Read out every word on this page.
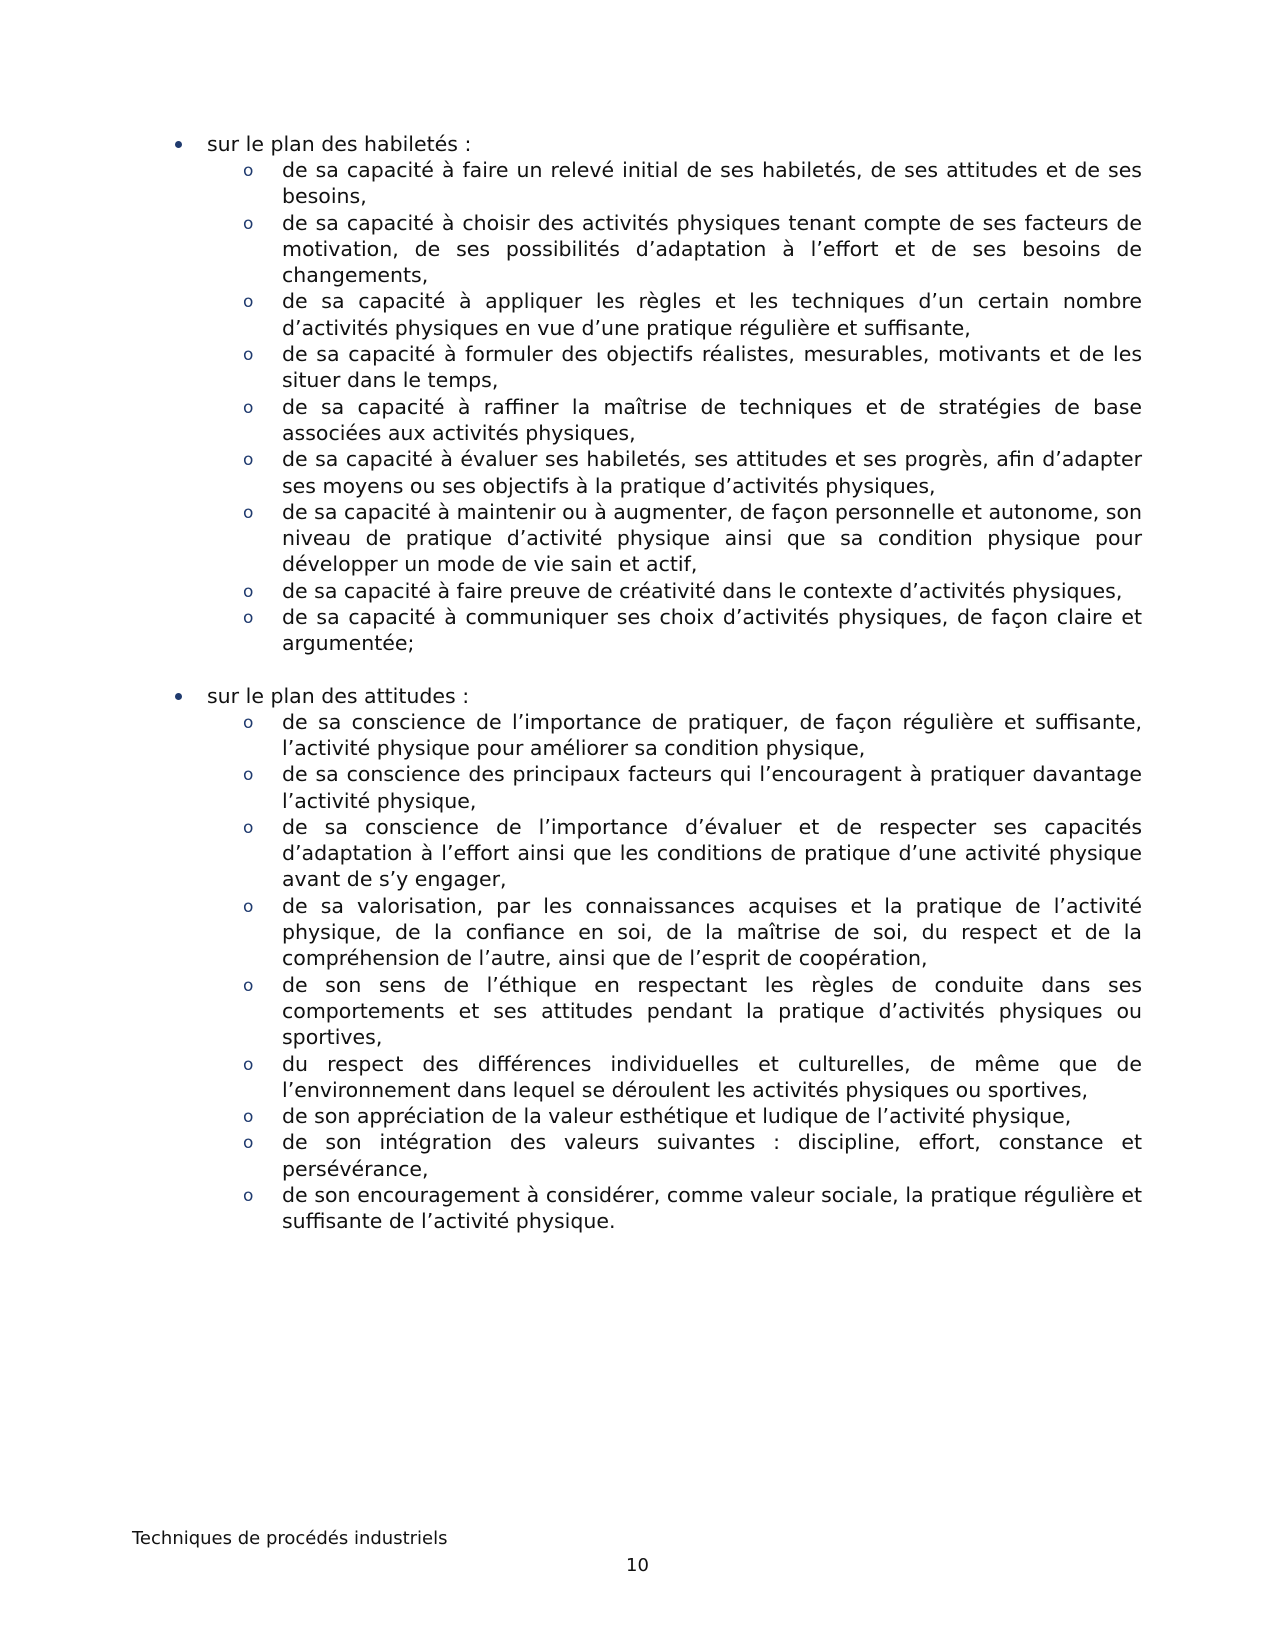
sur le plan des habiletés :
o de sa capacité à faire un relevé initial de ses habiletés, de ses attitudes et de ses besoins,
o de sa capacité à choisir des activités physiques tenant compte de ses facteurs de motivation, de ses possibilités d’adaptation à l’effort et de ses besoins de changements,
o de sa capacité à appliquer les règles et les techniques d’un certain nombre d’activités physiques en vue d’une pratique régulière et suffisante,
o de sa capacité à formuler des objectifs réalistes, mesurables, motivants et de les situer dans le temps,
o de sa capacité à raffiner la maîtrise de techniques et de stratégies de base associées aux activités physiques,
o de sa capacité à évaluer ses habiletés, ses attitudes et ses progrès, afin d’adapter ses moyens ou ses objectifs à la pratique d’activités physiques,
o de sa capacité à maintenir ou à augmenter, de façon personnelle et autonome, son niveau de pratique d’activité physique ainsi que sa condition physique pour développer un mode de vie sain et actif,
o de sa capacité à faire preuve de créativité dans le contexte d’activités physiques,
o de sa capacité à communiquer ses choix d’activités physiques, de façon claire et argumentée;
sur le plan des attitudes :
o de sa conscience de l’importance de pratiquer, de façon régulière et suffisante, l’activité physique pour améliorer sa condition physique,
o de sa conscience des principaux facteurs qui l’encouragent à pratiquer davantage l’activité physique,
o de sa conscience de l’importance d’évaluer et de respecter ses capacités d’adaptation à l’effort ainsi que les conditions de pratique d’une activité physique avant de s’y engager,
o de sa valorisation, par les connaissances acquises et la pratique de l’activité physique, de la confiance en soi, de la maîtrise de soi, du respect et de la compréhension de l’autre, ainsi que de l’esprit de coopération,
o de son sens de l’éthique en respectant les règles de conduite dans ses comportements et ses attitudes pendant la pratique d’activités physiques ou sportives,
o du respect des différences individuelles et culturelles, de même que de l’environnement dans lequel se déroulent les activités physiques ou sportives,
o de son appréciation de la valeur esthétique et ludique de l’activité physique,
o de son intégration des valeurs suivantes : discipline, effort, constance et persévérance,
o de son encouragement à considérer, comme valeur sociale, la pratique régulière et suffisante de l’activité physique.
Techniques de procédés industriels
10
